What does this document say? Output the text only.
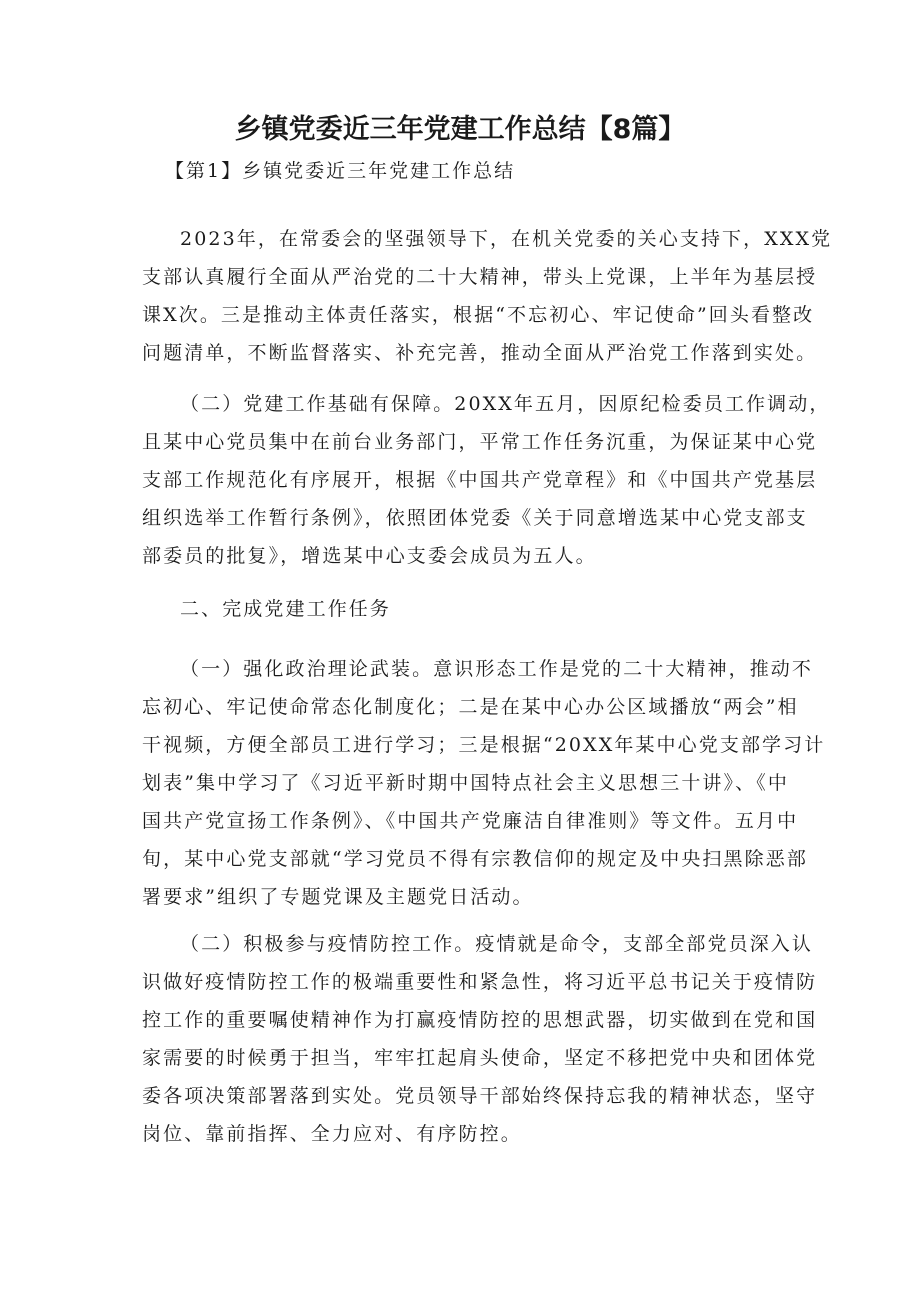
乡镇党委近三年党建工作总结【8篇】
【第1】乡镇党委近三年党建工作总结
2023年，在常委会的坚强领导下，在机关党委的关心支持下，XXX党
支部认真履行全面从严治党的二十大精神，带头上党课，上半年为基层授
课X次。三是推动主体责任落实，根据“不忘初心、牢记使命”回头看整改
问题清单，不断监督落实、补充完善，推动全面从严治党工作落到实处。
（二）党建工作基础有保障。20XX年五月，因原纪检委员工作调动，
且某中心党员集中在前台业务部门，平常工作任务沉重，为保证某中心党
支部工作规范化有序展开，根据《中国共产党章程》和《中国共产党基层
组织选举工作暂行条例》，依照团体党委《关于同意增选某中心党支部支
部委员的批复》，增选某中心支委会成员为五人。
二、完成党建工作任务
（一）强化政治理论武装。意识形态工作是党的二十大精神，推动不
忘初心、牢记使命常态化制度化；二是在某中心办公区域播放“两会”相
干视频，方便全部员工进行学习；三是根据“20XX年某中心党支部学习计
划表”集中学习了《习近平新时期中国特点社会主义思想三十讲》、《中
国共产党宣扬工作条例》、《中国共产党廉洁自律准则》等文件。五月中
旬，某中心党支部就“学习党员不得有宗教信仰的规定及中央扫黑除恶部
署要求”组织了专题党课及主题党日活动。
（二）积极参与疫情防控工作。疫情就是命令，支部全部党员深入认
识做好疫情防控工作的极端重要性和紧急性，将习近平总书记关于疫情防
控工作的重要嘱使精神作为打赢疫情防控的思想武器，切实做到在党和国
家需要的时候勇于担当，牢牢扛起肩头使命，坚定不移把党中央和团体党
委各项决策部署落到实处。党员领导干部始终保持忘我的精神状态，坚守
岗位、靠前指挥、全力应对、有序防控。
